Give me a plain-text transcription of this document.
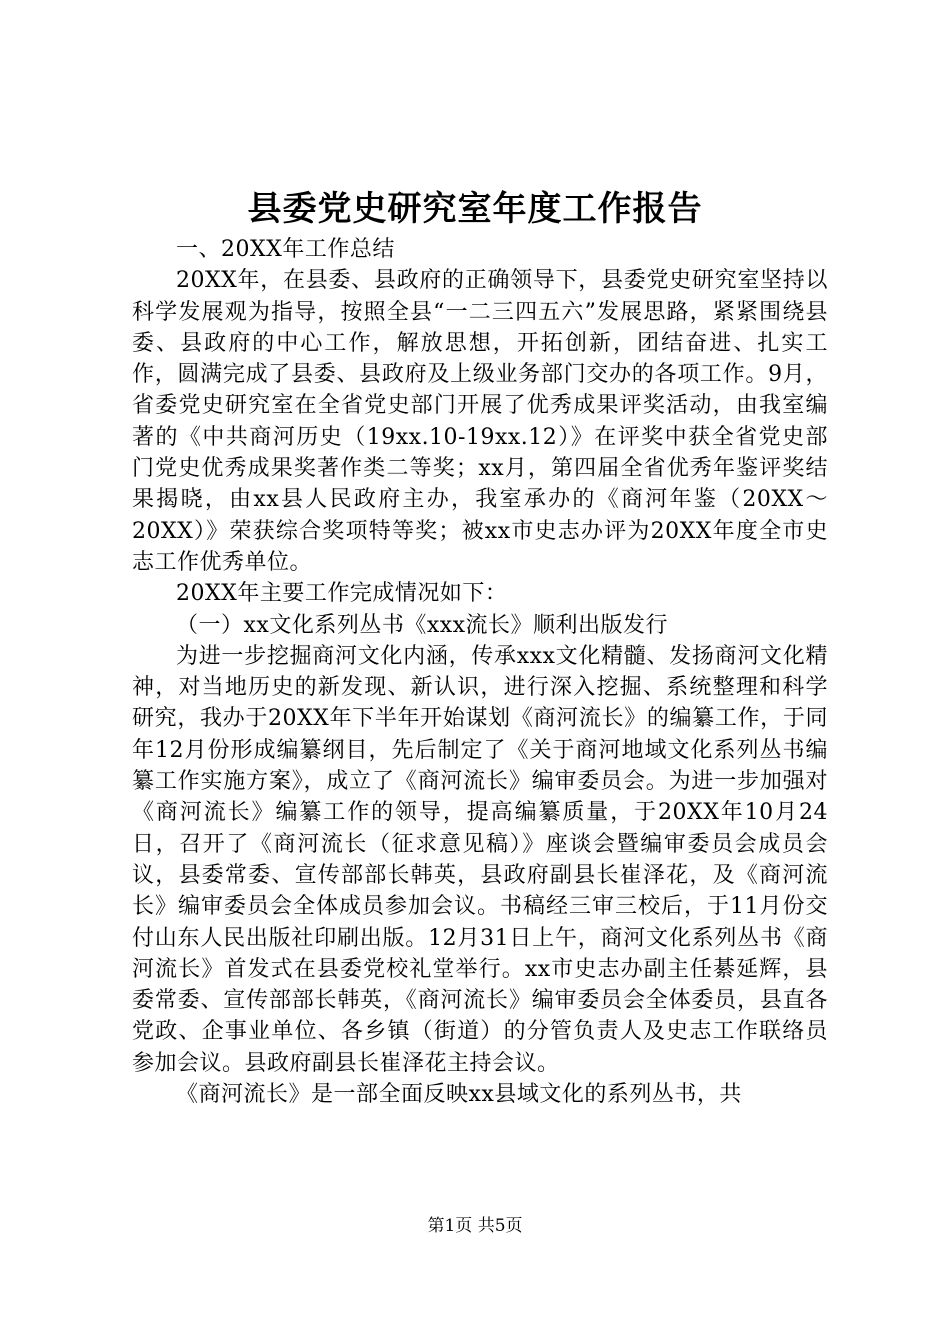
县委党史研究室年度工作报告

一、20XX年工作总结

20XX年，在县委、县政府的正确领导下，县委党史研究室坚持以科学发展观为指导，按照全县“一二三四五六”发展思路，紧紧围绕县委、县政府的中心工作，解放思想，开拓创新，团结奋进、扎实工作，圆满完成了县委、县政府及上级业务部门交办的各项工作。9月，省委党史研究室在全省党史部门开展了优秀成果评奖活动，由我室编著的《中共商河历史（19xx.10-19xx.12）》在评奖中获全省党史部门党史优秀成果奖著作类二等奖；xx月，第四届全省优秀年鉴评奖结果揭晓，由xx县人民政府主办，我室承办的《商河年鉴（20XX～20XX）》荣获综合奖项特等奖；被xx市史志办评为20XX年度全市史志工作优秀单位。

20XX年主要工作完成情况如下：

（一）xx文化系列丛书《xxx流长》顺利出版发行

为进一步挖掘商河文化内涵，传承xxx文化精髓、发扬商河文化精神，对当地历史的新发现、新认识，进行深入挖掘、系统整理和科学研究，我办于20XX年下半年开始谋划《商河流长》的编纂工作，于同年12月份形成编纂纲目，先后制定了《关于商河地域文化系列丛书编纂工作实施方案》，成立了《商河流长》编审委员会。为进一步加强对《商河流长》编纂工作的领导，提高编纂质量，于20XX年10月24日，召开了《商河流长（征求意见稿）》座谈会暨编审委员会成员会议，县委常委、宣传部部长韩英，县政府副县长崔泽花，及《商河流长》编审委员会全体成员参加会议。书稿经三审三校后，于11月份交付山东人民出版社印刷出版。12月31日上午，商河文化系列丛书《商河流长》首发式在县委党校礼堂举行。xx市史志办副主任綦延辉，县委常委、宣传部部长韩英，《商河流长》编审委员会全体委员，县直各党政、企事业单位、各乡镇（街道）的分管负责人及史志工作联络员参加会议。县政府副县长崔泽花主持会议。

《商河流长》是一部全面反映xx县域文化的系列丛书，共

第1页 共5页
